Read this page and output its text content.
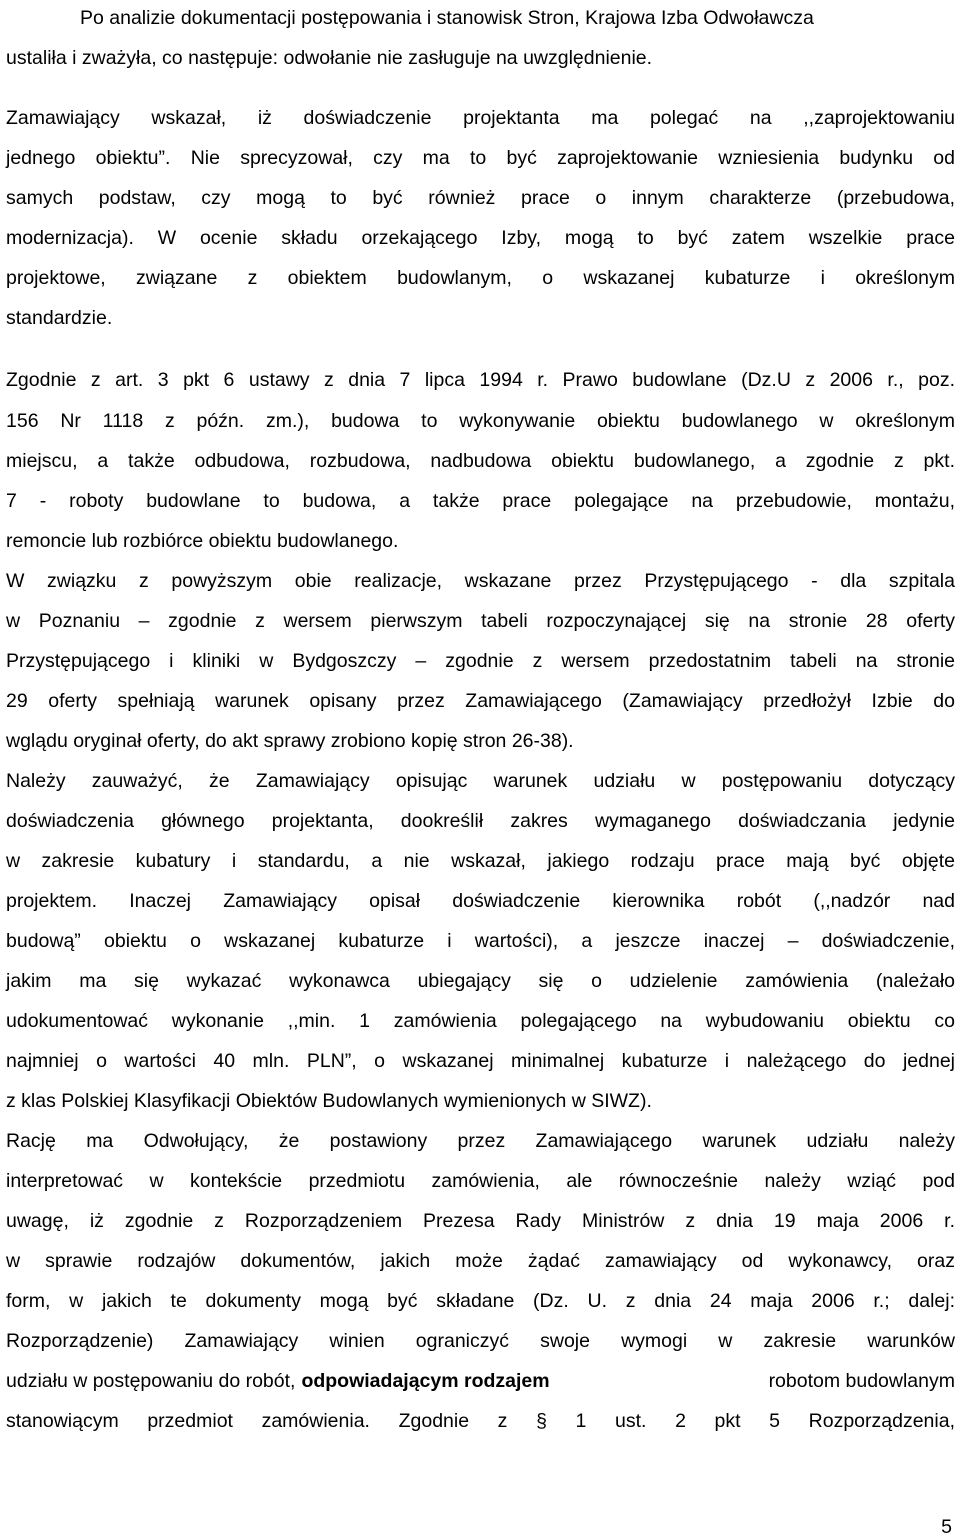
Po analizie dokumentacji postępowania i stanowisk Stron, Krajowa Izba Odwoławcza
ustaliła i zważyła, co następuje: odwołanie nie zasługuje na uwzględnienie.
Zamawiający wskazał, iż doświadczenie projektanta ma polegać na ,,zaprojektowaniu
jednego obiektu”. Nie sprecyzował, czy ma to być zaprojektowanie wzniesienia budynku od
samych podstaw, czy mogą to być również prace o innym charakterze (przebudowa,
modernizacja). W ocenie składu orzekającego Izby, mogą to być zatem wszelkie prace
projektowe, związane z obiektem budowlanym, o wskazanej kubaturze i określonym
standardzie.
Zgodnie z art. 3 pkt 6 ustawy z dnia 7 lipca 1994 r. Prawo budowlane (Dz.U z 2006 r., poz.
156 Nr 1118 z późn. zm.), budowa to wykonywanie obiektu budowlanego w określonym
miejscu, a także odbudowa, rozbudowa, nadbudowa obiektu budowlanego, a zgodnie z pkt.
7 - roboty budowlane to budowa, a także prace polegające na przebudowie, montażu,
remoncie lub rozbiórce obiektu budowlanego.
W związku z powyższym obie realizacje, wskazane przez Przystępującego - dla szpitala
w Poznaniu – zgodnie z wersem pierwszym tabeli rozpoczynającej się na stronie 28 oferty
Przystępującego i kliniki w Bydgoszczy – zgodnie z wersem przedostatnim tabeli na stronie
29 oferty spełniają warunek opisany przez Zamawiającego (Zamawiający przedłożył Izbie do
wglądu oryginał oferty, do akt sprawy zrobiono kopię stron 26-38).
Należy zauważyć, że Zamawiający opisując warunek udziału w postępowaniu dotyczący
doświadczenia głównego projektanta, dookreślił zakres wymaganego doświadczania jedynie
w zakresie kubatury i standardu, a nie wskazał, jakiego rodzaju prace mają być objęte
projektem. Inaczej Zamawiający opisał doświadczenie kierownika robót (,,nadzór nad
budową” obiektu o wskazanej kubaturze i wartości), a jeszcze inaczej – doświadczenie,
jakim ma się wykazać wykonawca ubiegający się o udzielenie zamówienia (należało
udokumentować wykonanie ,,min. 1 zamówienia polegającego na wybudowaniu obiektu co
najmniej o wartości 40 mln. PLN”, o wskazanej minimalnej kubaturze i należącego do jednej
z klas Polskiej Klasyfikacji Obiektów Budowlanych wymienionych w SIWZ).
Rację ma Odwołujący, że postawiony przez Zamawiającego warunek udziału należy
interpretować w kontekście przedmiotu zamówienia, ale równocześnie należy wziąć pod
uwagę, iż zgodnie z Rozporządzeniem Prezesa Rady Ministrów z dnia 19 maja 2006 r.
w sprawie rodzajów dokumentów, jakich może żądać zamawiający od wykonawcy, oraz
form, w jakich te dokumenty mogą być składane (Dz. U. z dnia 24 maja 2006 r.; dalej:
Rozporządzenie) Zamawiający winien ograniczyć swoje wymogi w zakresie warunków
udziału w postępowaniu do robót, odpowiadającym rodzajem	robotom budowlanym
stanowiącym przedmiot zamówienia. Zgodnie z § 1 ust. 2 pkt 5 Rozporządzenia,
5
